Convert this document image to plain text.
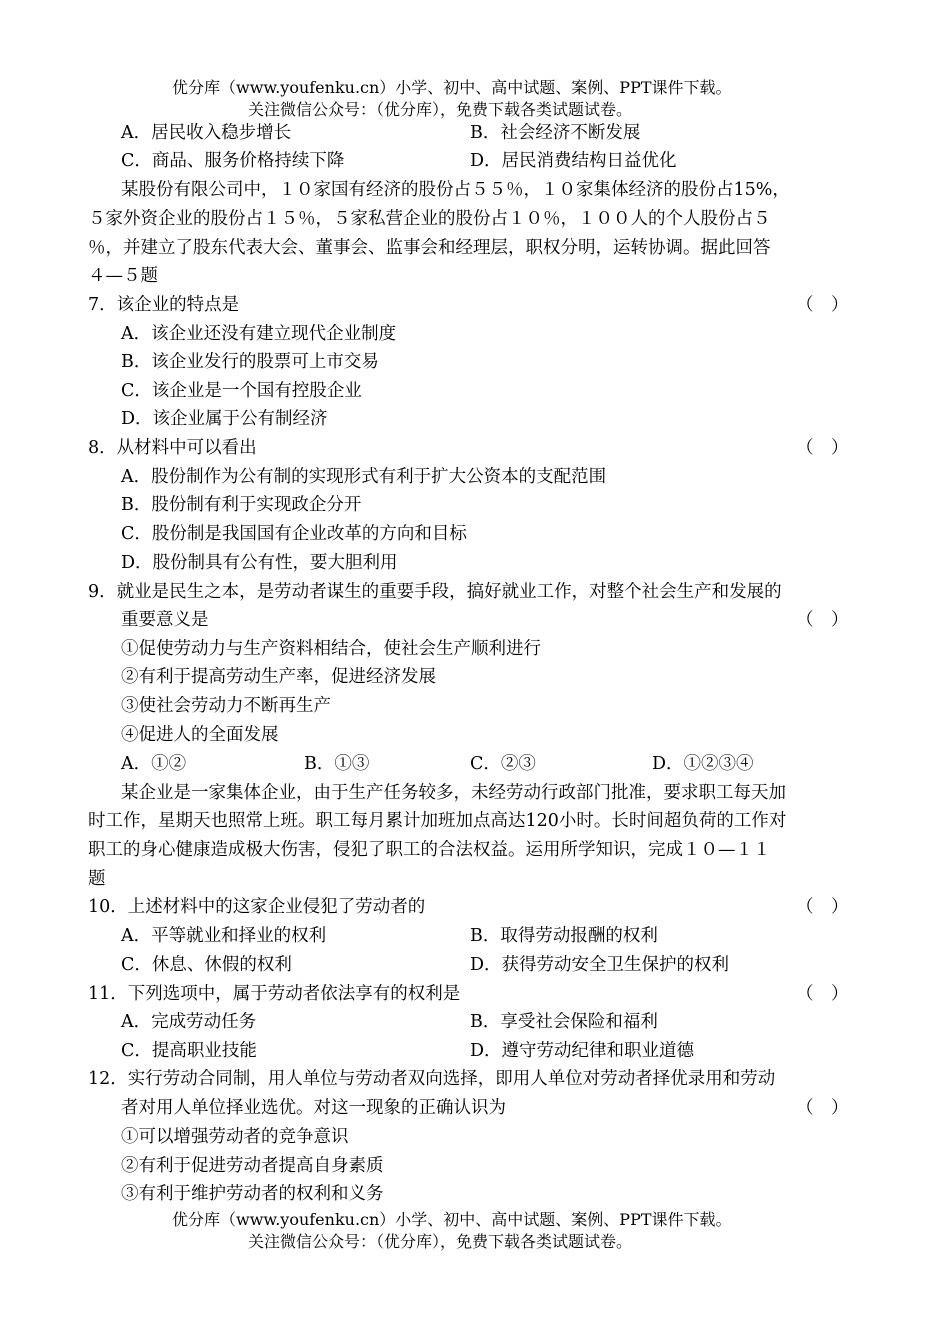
优分库（www.youfenku.cn）小学、初中、高中试题、案例、PPT课件下载。
关注微信公众号：（优分库），免费下载各类试题试卷。
A．居民收入稳步增长	B．社会经济不断发展
C．商品、服务价格持续下降	D．居民消费结构日益优化
某股份有限公司中，１０家国有经济的股份占５５％，１０家集体经济的股份占15%，
５家外资企业的股份占１５％，５家私营企业的股份占１０％，１００人的个人股份占５
％，并建立了股东代表大会、董事会、监事会和经理层，职权分明，运转协调。据此回答
４—５题
7．该企业的特点是	（　）
A．该企业还没有建立现代企业制度
B．该企业发行的股票可上市交易
C．该企业是一个国有控股企业
D．该企业属于公有制经济
8．从材料中可以看出	（　）
A．股份制作为公有制的实现形式有利于扩大公资本的支配范围
B．股份制有利于实现政企分开
C．股份制是我国国有企业改革的方向和目标
D．股份制具有公有性，要大胆利用
9．就业是民生之本，是劳动者谋生的重要手段，搞好就业工作，对整个社会生产和发展的
重要意义是	（　）
①促使劳动力与生产资料相结合，使社会生产顺利进行
②有利于提高劳动生产率，促进经济发展
③使社会劳动力不断再生产
④促进人的全面发展
A．①②	B．①③	C．②③	D．①②③④
某企业是一家集体企业，由于生产任务较多，未经劳动行政部门批准，要求职工每天加
时工作，星期天也照常上班。职工每月累计加班加点高达120小时。长时间超负荷的工作对
职工的身心健康造成极大伤害，侵犯了职工的合法权益。运用所学知识，完成１０—１１
题
10．上述材料中的这家企业侵犯了劳动者的	（　）
A．平等就业和择业的权利	B．取得劳动报酬的权利
C．休息、休假的权利	D．获得劳动安全卫生保护的权利
11．下列选项中，属于劳动者依法享有的权利是	（　）
A．完成劳动任务	B．享受社会保险和福利
C．提高职业技能	D．遵守劳动纪律和职业道德
12．实行劳动合同制，用人单位与劳动者双向选择，即用人单位对劳动者择优录用和劳动
者对用人单位择业选优。对这一现象的正确认识为	（　）
①可以增强劳动者的竞争意识
②有利于促进劳动者提高自身素质
③有利于维护劳动者的权利和义务
优分库（www.youfenku.cn）小学、初中、高中试题、案例、PPT课件下载。
关注微信公众号：（优分库），免费下载各类试题试卷。
